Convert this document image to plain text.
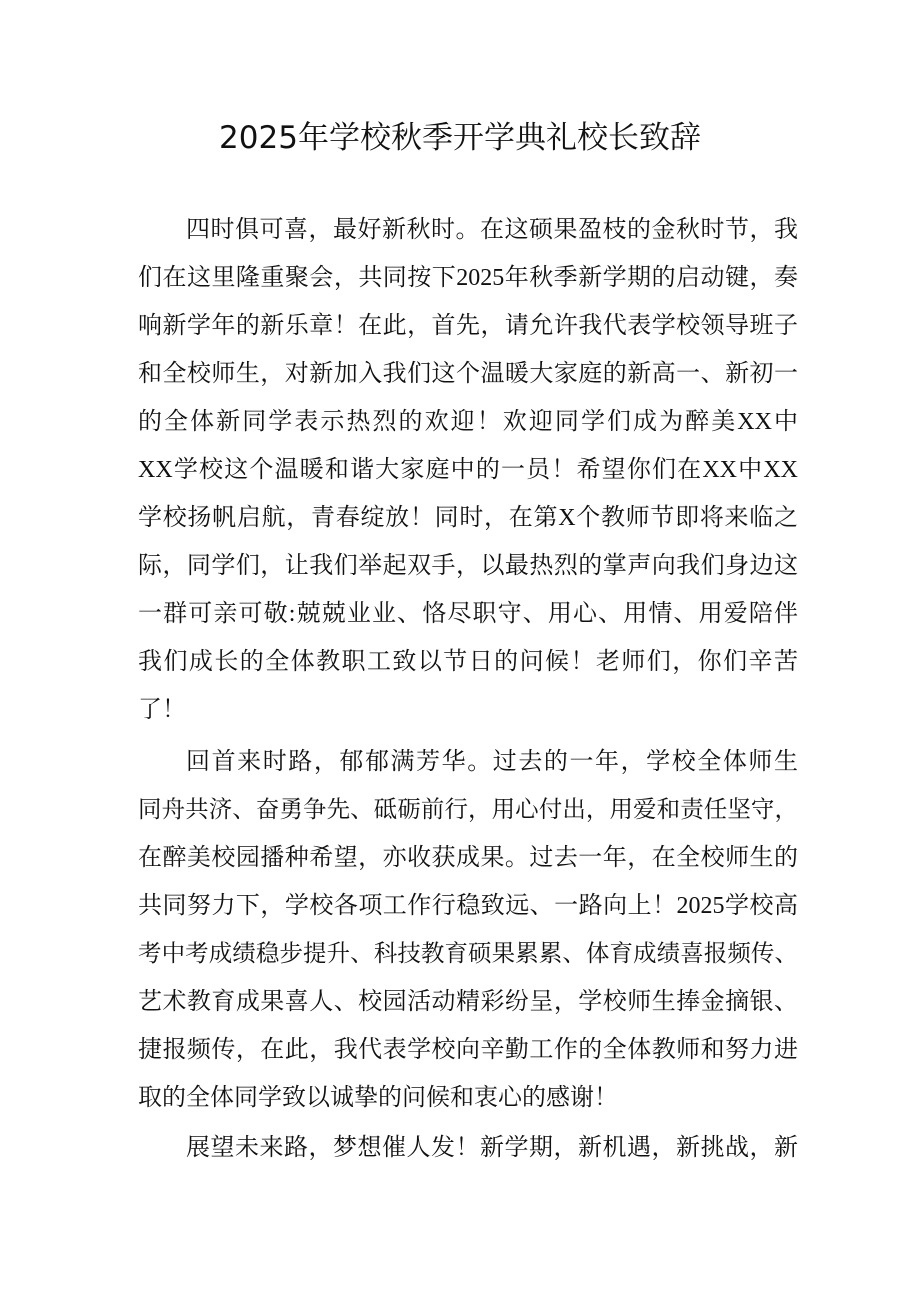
2025年学校秋季开学典礼校长致辞
四时俱可喜，最好新秋时。在这硕果盈枝的金秋时节，我
们在这里隆重聚会，共同按下2025年秋季新学期的启动键，奏
响新学年的新乐章！在此，首先，请允许我代表学校领导班子
和全校师生，对新加入我们这个温暖大家庭的新高一、新初一
的全体新同学表示热烈的欢迎！欢迎同学们成为醉美XX中
XX学校这个温暖和谐大家庭中的一员！希望你们在XX中XX
学校扬帆启航，青春绽放！同时，在第X个教师节即将来临之
际，同学们，让我们举起双手，以最热烈的掌声向我们身边这
一群可亲可敬:兢兢业业、恪尽职守、用心、用情、用爱陪伴
我们成长的全体教职工致以节日的问候！老师们，你们辛苦
了！
回首来时路，郁郁满芳华。过去的一年，学校全体师生
同舟共济、奋勇争先、砥砺前行，用心付出，用爱和责任坚守，
在醉美校园播种希望，亦收获成果。过去一年，在全校师生的
共同努力下，学校各项工作行稳致远、一路向上！2025学校高
考中考成绩稳步提升、科技教育硕果累累、体育成绩喜报频传、
艺术教育成果喜人、校园活动精彩纷呈，学校师生捧金摘银、
捷报频传，在此，我代表学校向辛勤工作的全体教师和努力进
取的全体同学致以诚挚的问候和衷心的感谢！
展望未来路，梦想催人发！新学期，新机遇，新挑战，新
